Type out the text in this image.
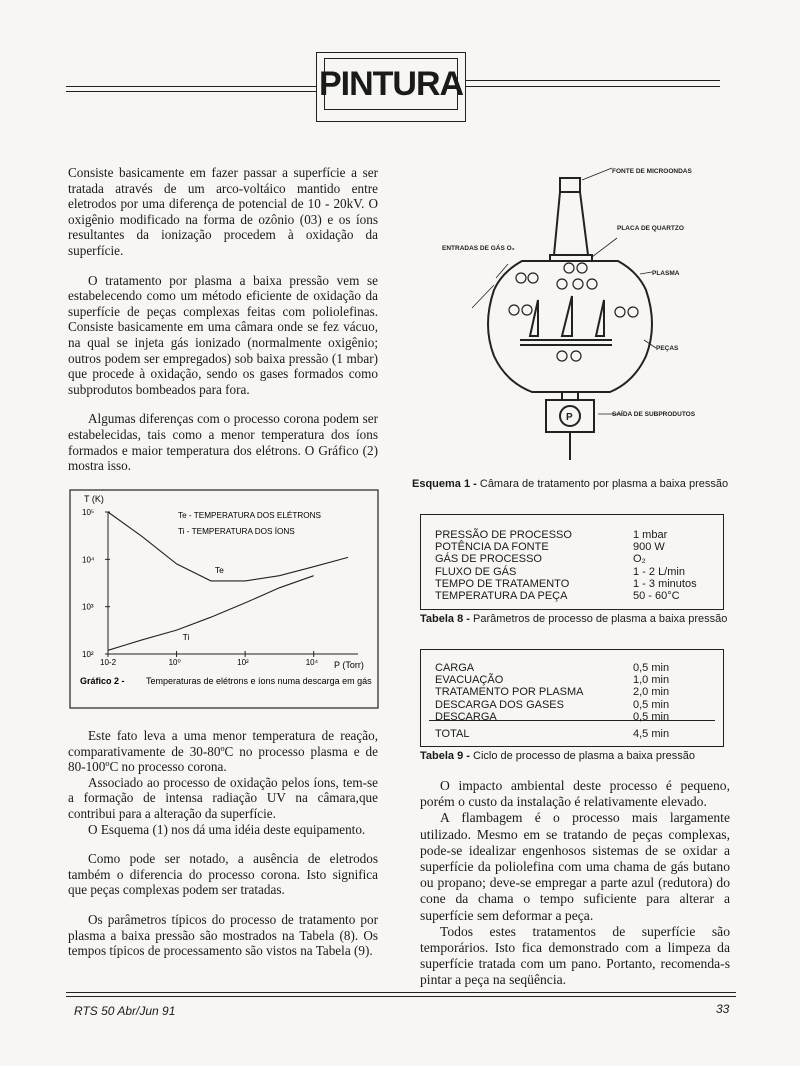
PINTURA

Consiste basicamente em fazer passar a superfície a ser tratada através de um arco-voltáico mantido entre eletrodos por uma diferença de potencial de 10 - 20kV. O oxigênio modificado na forma de ozônio (03) e os íons resultantes da ionização procedem à oxidação da superfície.

O tratamento por plasma a baixa pressão vem se estabelecendo como um método eficiente de oxidação da superfície de peças complexas feitas com poliolefinas. Consiste basicamente em uma câmara onde se fez vácuo, na qual se injeta gás ionizado (normalmente oxigênio; outros podem ser empregados) sob baixa pressão (1 mbar) que procede à oxidação, sendo os gases formados como subprodutos bombeados para fora.

Algumas diferenças com o processo corona podem ser estabelecidas, tais como a menor temperatura dos íons formados e maior temperatura dos elétrons. O Gráfico (2) mostra isso.

T (K)
P (Torr)
10²
10³
10⁴
10⁵
10-2	10⁰	10²	10⁴
Te - TEMPERATURA DOS ELÉTRONS
Ti - TEMPERATURA DOS ÍONS
Te
Ti
Gráfico 2 - Temperaturas de elétrons e íons numa descarga em gás

Este fato leva a uma menor temperatura de reação, comparativamente de 30-80ºC no processo plasma e de 80-100ºC no processo corona.

Associado ao processo de oxidação pelos íons, tem-se a formação de intensa radiação UV na câmara,que contribui para a alteração da superfície.

O Esquema (1) nos dá uma idéia deste equipamento.

Como pode ser notado, a ausência de eletrodos também o diferencia do processo corona. Isto significa que peças complexas podem ser tratadas.

Os parâmetros típicos do processo de tratamento por plasma a baixa pressão são mostrados na Tabela (8). Os tempos típicos de processamento são vistos na Tabela (9).

FONTE DE MICROONDAS
PLACA DE QUARTZO
ENTRADAS DE GÁS O₂
PLASMA
PEÇAS
SAÍDA DE SUBPRODUTOS
P
Esquema 1 - Câmara de tratamento por plasma a baixa pressão
PRESSÃO DE PROCESSO	1 mbar
POTÊNCIA DA FONTE	900 W
GÁS DE PROCESSO	O₂
FLUXO DE GÁS	1 - 2 L/min
TEMPO DE TRATAMENTO	1 - 3 minutos
TEMPERATURA DA PEÇA	50 - 60°C
Tabela 8 - Parâmetros de processo de plasma a baixa pressão
CARGA	0,5 min
EVACUAÇÃO	1,0 min
TRATAMENTO POR PLASMA	2,0 min
DESCARGA DOS GASES	0,5 min
DESCARGA	0,5 min
TOTAL	4,5 min
Tabela 9 - Ciclo de processo de plasma a baixa pressão

O impacto ambiental deste processo é pequeno, porém o custo da instalação é relativamente elevado.

A flambagem é o processo mais largamente utilizado. Mesmo em se tratando de peças complexas, pode-se idealizar engenhosos sistemas de se oxidar a superfície da poliolefina com uma chama de gás butano ou propano; deve-se empregar a parte azul (redutora) do cone da chama o tempo suficiente para alterar a superfície sem deformar a peça.

Todos estes tratamentos de superfície são temporários. Isto fica demonstrado com a limpeza da superfície tratada com um pano. Portanto, recomenda-s pintar a peça na seqüência.

RTS 50 Abr/Jun 91	33
